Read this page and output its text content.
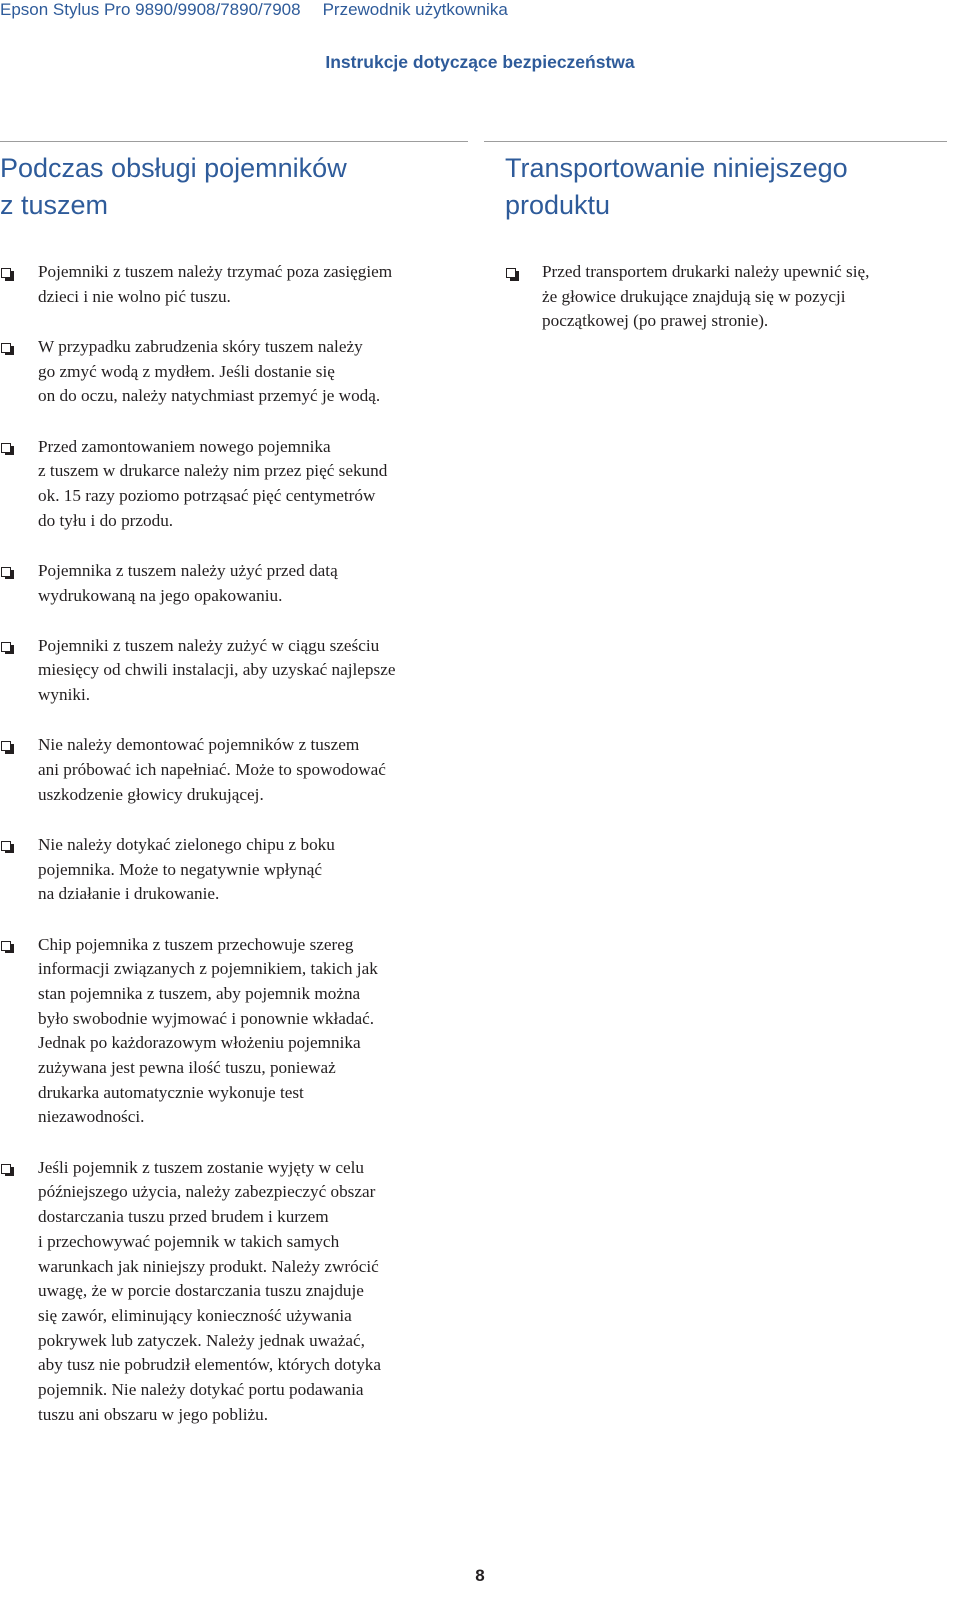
Epson Stylus Pro 9890/9908/7890/7908 Przewodnik użytkownika
Instrukcje dotyczące bezpieczeństwa
Podczas obsługi pojemników
z tuszem
Pojemniki z tuszem należy trzymać poza zasięgiem
dzieci i nie wolno pić tuszu.
W przypadku zabrudzenia skóry tuszem należy
go zmyć wodą z mydłem. Jeśli dostanie się
on do oczu, należy natychmiast przemyć je wodą.
Przed zamontowaniem nowego pojemnika
z tuszem w drukarce należy nim przez pięć sekund
ok. 15 razy poziomo potrząsać pięć centymetrów
do tyłu i do przodu.
Pojemnika z tuszem należy użyć przed datą
wydrukowaną na jego opakowaniu.
Pojemniki z tuszem należy zużyć w ciągu sześciu
miesięcy od chwili instalacji, aby uzyskać najlepsze
wyniki.
Nie należy demontować pojemników z tuszem
ani próbować ich napełniać. Może to spowodować
uszkodzenie głowicy drukującej.
Nie należy dotykać zielonego chipu z boku
pojemnika. Może to negatywnie wpłynąć
na działanie i drukowanie.
Chip pojemnika z tuszem przechowuje szereg
informacji związanych z pojemnikiem, takich jak
stan pojemnika z tuszem, aby pojemnik można
było swobodnie wyjmować i ponownie wkładać.
Jednak po każdorazowym włożeniu pojemnika
zużywana jest pewna ilość tuszu, ponieważ
drukarka automatycznie wykonuje test
niezawodności.
Jeśli pojemnik z tuszem zostanie wyjęty w celu
późniejszego użycia, należy zabezpieczyć obszar
dostarczania tuszu przed brudem i kurzem
i przechowywać pojemnik w takich samych
warunkach jak niniejszy produkt. Należy zwrócić
uwagę, że w porcie dostarczania tuszu znajduje
się zawór, eliminujący konieczność używania
pokrywek lub zatyczek. Należy jednak uważać,
aby tusz nie pobrudził elementów, których dotyka
pojemnik. Nie należy dotykać portu podawania
tuszu ani obszaru w jego pobliżu.
Transportowanie niniejszego
produktu
Przed transportem drukarki należy upewnić się,
że głowice drukujące znajdują się w pozycji
początkowej (po prawej stronie).
8
